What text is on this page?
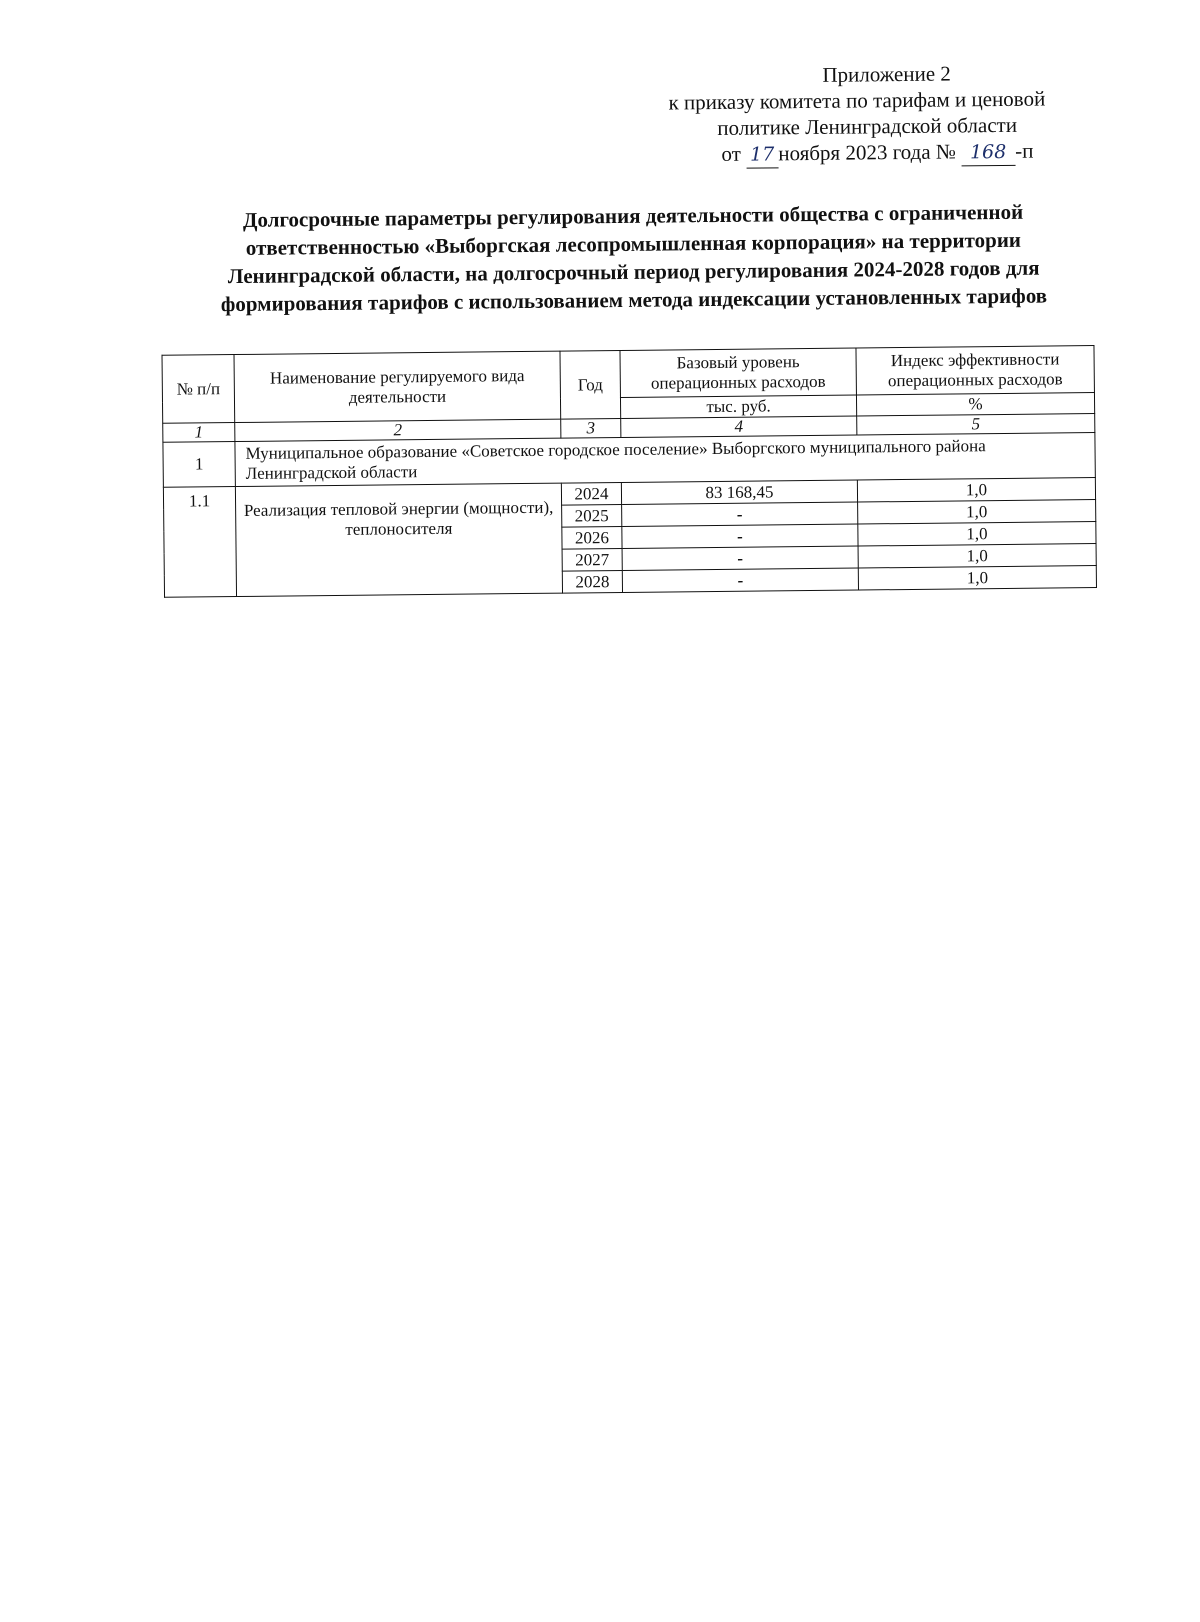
Приложение 2
к приказу комитета по тарифам и ценовой
политике Ленинградской области
от 17 ноября 2023 года № 168 -п
Долгосрочные параметры регулирования деятельности общества с ограниченной ответственностью «Выборгская лесопромышленная корпорация» на территории Ленинградской области, на долгосрочный период регулирования 2024-2028 годов для формирования тарифов с использованием метода индексации установленных тарифов
№ п/п	Наименование регулируемого вида деятельности	Год	Базовый уровень операционных расходов	Индекс эффективности операционных расходов
			тыс. руб.	%
1	2	3	4	5
1	Муниципальное образование «Советское городское поселение» Выборгского муниципального района Ленинградской области			
1.1	Реализация тепловой энергии (мощности), теплоносителя	2024	83 168,45	1,0
		2025	-	1,0
		2026	-	1,0
		2027	-	1,0
		2028	-	1,0
